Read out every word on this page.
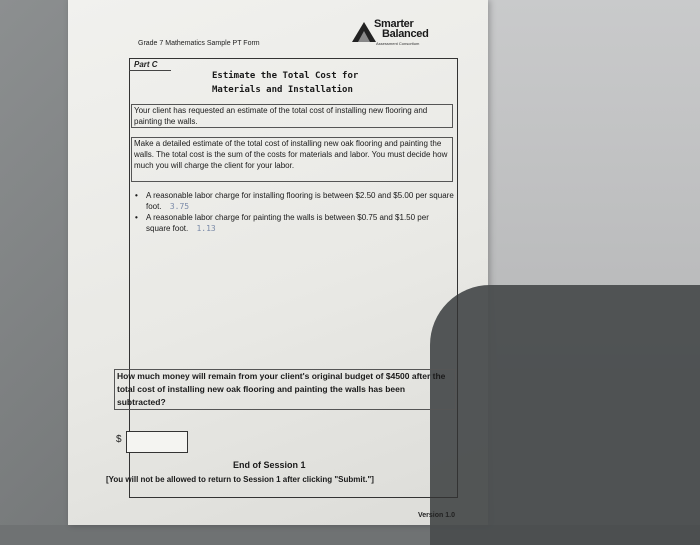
Grade 7 Mathematics Sample PT Form
Smarter
Balanced
Assessment Consortium
Part C
Estimate the Total Cost for
Materials and Installation
Your client has requested an estimate of the total cost of installing new flooring and painting the walls.
Make a detailed estimate of the total cost of installing new oak flooring and painting the walls. The total cost is the sum of the costs for materials and labor. You must decide how much you will charge the client for your labor.
• A reasonable labor charge for installing flooring is between $2.50 and $5.00 per square foot. 3.75
• A reasonable labor charge for painting the walls is between $0.75 and $1.50 per square foot. 1.13
How much money will remain from your client's original budget of $4500 after the total cost of installing new oak flooring and painting the walls has been subtracted?
$
End of Session 1
[You will not be allowed to return to Session 1 after clicking "Submit."]
Version 1.0
